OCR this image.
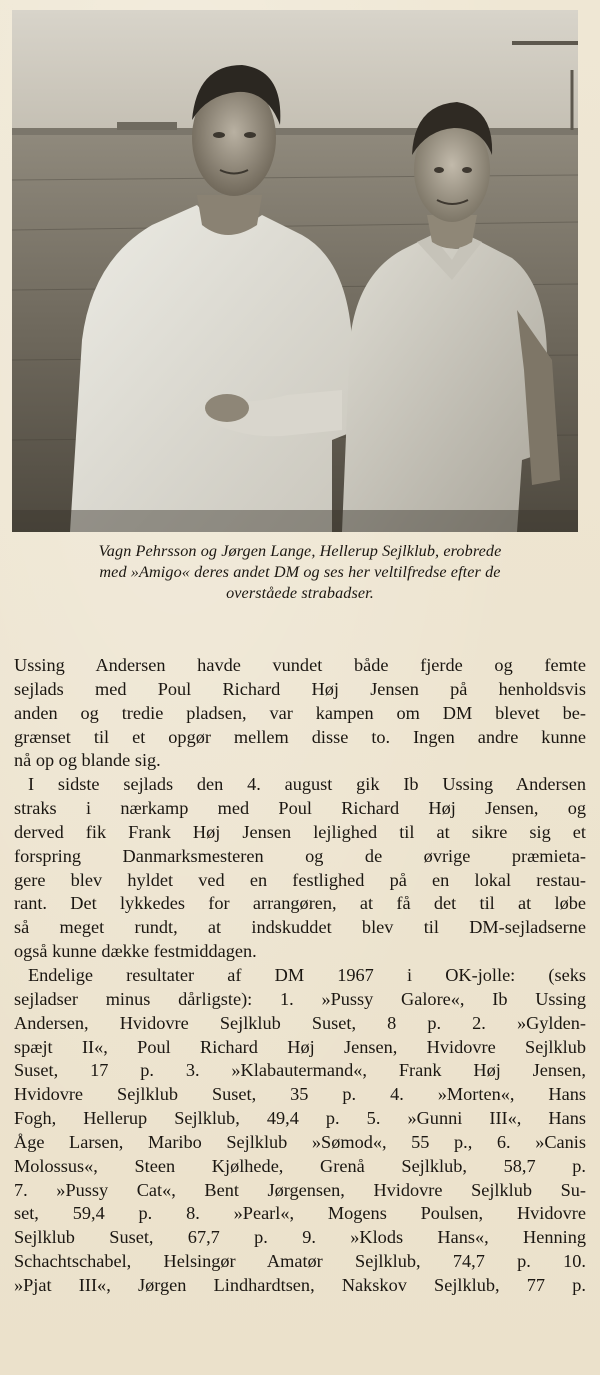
Vagn Pehrsson og Jørgen Lange, Hellerup Sejlklub, erobrede
med »Amigo« deres andet DM og ses her veltilfredse efter de
overståede strabadser.
Ussing Andersen havde vundet både fjerde og femte
sejlads med Poul Richard Høj Jensen på henholdsvis
anden og tredie pladsen, var kampen om DM blevet be-
grænset til et opgør mellem disse to. Ingen andre kunne
nå op og blande sig.
I sidste sejlads den 4. august gik Ib Ussing Andersen
straks i nærkamp med Poul Richard Høj Jensen, og
derved fik Frank Høj Jensen lejlighed til at sikre sig et
forspring Danmarksmesteren og de øvrige præmieta-
gere blev hyldet ved en festlighed på en lokal restau-
rant. Det lykkedes for arrangøren, at få det til at løbe
så meget rundt, at indskuddet blev til DM-sejladserne
også kunne dække festmiddagen.
Endelige resultater af DM 1967 i OK-jolle: (seks
sejladser minus dårligste): 1. »Pussy Galore«, Ib Ussing
Andersen, Hvidovre Sejlklub Suset, 8 p. 2. »Gylden-
spæjt II«, Poul Richard Høj Jensen, Hvidovre Sejlklub
Suset, 17 p. 3. »Klabautermand«, Frank Høj Jensen,
Hvidovre Sejlklub Suset, 35 p. 4. »Morten«, Hans
Fogh, Hellerup Sejlklub, 49,4 p. 5. »Gunni III«, Hans
Åge Larsen, Maribo Sejlklub »Sømod«, 55 p., 6. »Canis
Molossus«, Steen Kjølhede, Grenå Sejlklub, 58,7 p.
7. »Pussy Cat«, Bent Jørgensen, Hvidovre Sejlklub Su-
set, 59,4 p. 8. »Pearl«, Mogens Poulsen, Hvidovre
Sejlklub Suset, 67,7 p. 9. »Klods Hans«, Henning
Schachtschabel, Helsingør Amatør Sejlklub, 74,7 p. 10.
»Pjat III«, Jørgen Lindhardtsen, Nakskov Sejlklub, 77 p.
